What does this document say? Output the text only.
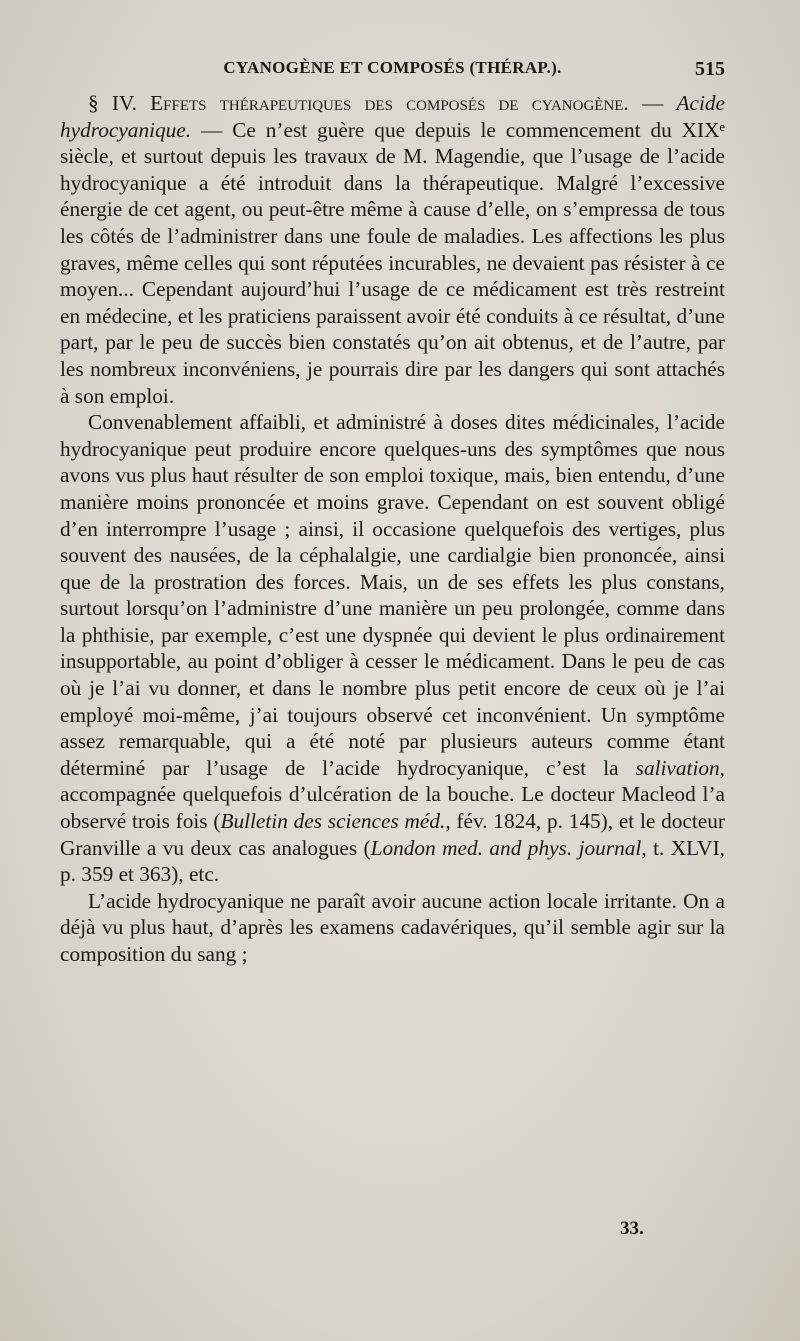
CYANOGÈNE ET COMPOSÉS (THÉRAP.).	515

§ IV. Effets thérapeutiques des composés de cyanogène. — Acide hydrocyanique. — Ce n’est guère que depuis le commencement du XIXᵉ siècle, et surtout depuis les travaux de M. Magendie, que l’usage de l’acide hydrocyanique a été introduit dans la thérapeutique. Malgré l’excessive énergie de cet agent, ou peut-être même à cause d’elle, on s’empressa de tous les côtés de l’administrer dans une foule de maladies. Les affections les plus graves, même celles qui sont réputées incurables, ne devaient pas résister à ce moyen... Cependant aujourd’hui l’usage de ce médicament est très restreint en médecine, et les praticiens paraissent avoir été conduits à ce résultat, d’une part, par le peu de succès bien constatés qu’on ait obtenus, et de l’autre, par les nombreux inconvéniens, je pourrais dire par les dangers qui sont attachés à son emploi.

Convenablement affaibli, et administré à doses dites médicinales, l’acide hydrocyanique peut produire encore quelques-uns des symptômes que nous avons vus plus haut résulter de son emploi toxique, mais, bien entendu, d’une manière moins prononcée et moins grave. Cependant on est souvent obligé d’en interrompre l’usage ; ainsi, il occasione quelquefois des vertiges, plus souvent des nausées, de la céphalalgie, une cardialgie bien prononcée, ainsi que de la prostration des forces. Mais, un de ses effets les plus constans, surtout lorsqu’on l’administre d’une manière un peu prolongée, comme dans la phthisie, par exemple, c’est une dyspnée qui devient le plus ordinairement insupportable, au point d’obliger à cesser le médicament. Dans le peu de cas où je l’ai vu donner, et dans le nombre plus petit encore de ceux où je l’ai employé moi-même, j’ai toujours observé cet inconvénient. Un symptôme assez remarquable, qui a été noté par plusieurs auteurs comme étant déterminé par l’usage de l’acide hydrocyanique, c’est la salivation, accompagnée quelquefois d’ulcération de la bouche. Le docteur Macleod l’a observé trois fois (Bulletin des sciences méd., fév. 1824, p. 145), et le docteur Granville a vu deux cas analogues (London med. and phys. journal, t. XLVI, p. 359 et 363), etc.

L’acide hydrocyanique ne paraît avoir aucune action locale irritante. On a déjà vu plus haut, d’après les examens cadavériques, qu’il semble agir sur la composition du sang ;

33.
